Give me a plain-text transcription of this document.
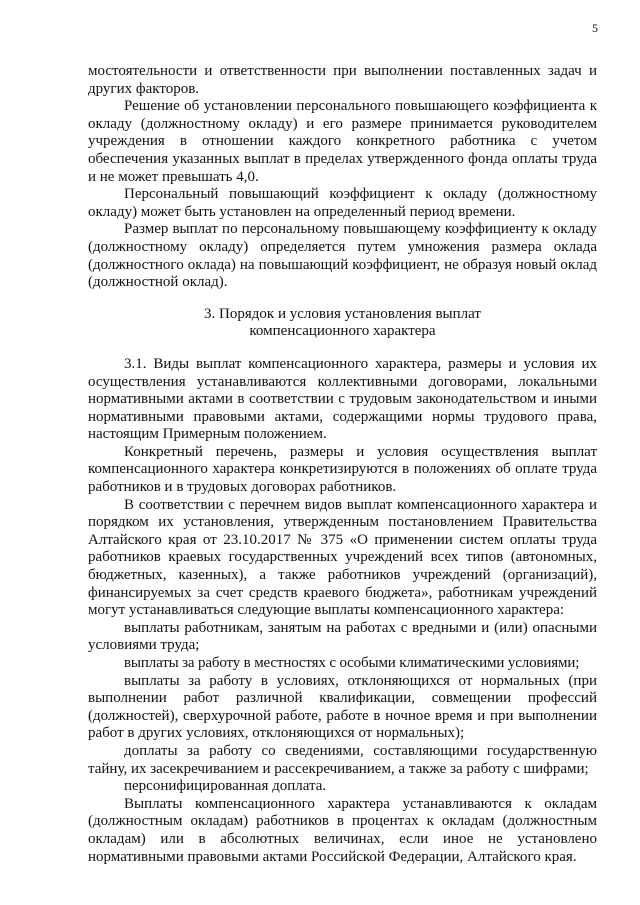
5

мостоятельности и ответственности при выполнении поставленных задач и других факторов.

Решение об установлении персонального повышающего коэффициента к окладу (должностному окладу) и его размере принимается руководителем учреждения в отношении каждого конкретного работника с учетом обеспечения указанных выплат в пределах утвержденного фонда оплаты труда и не может превышать 4,0.

Персональный повышающий коэффициент к окладу (должностному окладу) может быть установлен на определенный период времени.

Размер выплат по персональному повышающему коэффициенту к окладу (должностному окладу) определяется путем умножения размера оклада (должностного оклада) на повышающий коэффициент, не образуя новый оклад (должностной оклад).

3. Порядок и условия установления выплат
компенсационного характера

3.1. Виды выплат компенсационного характера, размеры и условия их осуществления устанавливаются коллективными договорами, локальными нормативными актами в соответствии с трудовым законодательством и иными нормативными правовыми актами, содержащими нормы трудового права, настоящим Примерным положением.

Конкретный перечень, размеры и условия осуществления выплат компенсационного характера конкретизируются в положениях об оплате труда работников и в трудовых договорах работников.

В соответствии с перечнем видов выплат компенсационного характера и порядком их установления, утвержденным постановлением Правительства Алтайского края от 23.10.2017 № 375 «О применении систем оплаты труда работников краевых государственных учреждений всех типов (автономных, бюджетных, казенных), а также работников учреждений (организаций), финансируемых за счет средств краевого бюджета», работникам учреждений могут устанавливаться следующие выплаты компенсационного характера:

выплаты работникам, занятым на работах с вредными и (или) опасными условиями труда;

выплаты за работу в местностях с особыми климатическими условиями;

выплаты за работу в условиях, отклоняющихся от нормальных (при выполнении работ различной квалификации, совмещении профессий (должностей), сверхурочной работе, работе в ночное время и при выполнении работ в других условиях, отклоняющихся от нормальных);

доплаты за работу со сведениями, составляющими государственную тайну, их засекречиванием и рассекречиванием, а также за работу с шифрами;

персонифицированная доплата.

Выплаты компенсационного характера устанавливаются к окладам (должностным окладам) работников в процентах к окладам (должностным окладам) или в абсолютных величинах, если иное не установлено нормативными правовыми актами Российской Федерации, Алтайского края.
